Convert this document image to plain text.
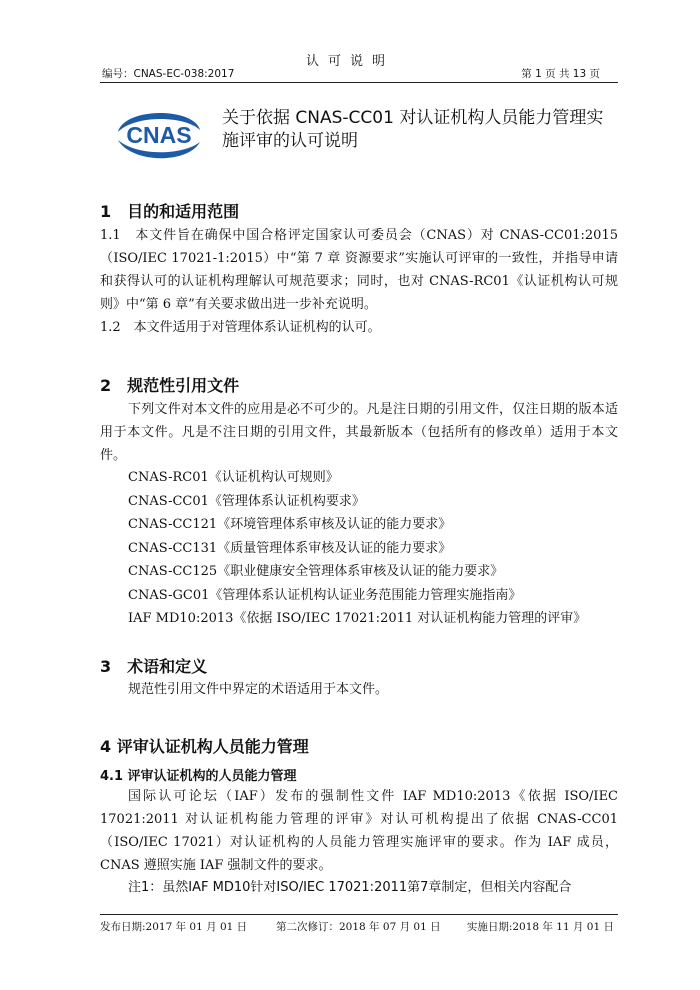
认可说明
编号：CNAS-EC-038:2017	第 1 页 共 13 页
CNAS
关于依据 CNAS-CC01 对认证机构人员能力管理实施评审的认可说明
1　目的和适用范围
1.1　本文件旨在确保中国合格评定国家认可委员会（CNAS）对 CNAS-CC01:2015（ISO/IEC 17021-1:2015）中“第 7 章 资源要求”实施认可评审的一致性，并指导申请和获得认可的认证机构理解认可规范要求；同时，也对 CNAS-RC01《认证机构认可规则》中“第 6 章”有关要求做出进一步补充说明。
1.2　本文件适用于对管理体系认证机构的认可。
2　规范性引用文件
下列文件对本文件的应用是必不可少的。凡是注日期的引用文件，仅注日期的版本适用于本文件。凡是不注日期的引用文件，其最新版本（包括所有的修改单）适用于本文件。
CNAS-RC01《认证机构认可规则》
CNAS-CC01《管理体系认证机构要求》
CNAS-CC121《环境管理体系审核及认证的能力要求》
CNAS-CC131《质量管理体系审核及认证的能力要求》
CNAS-CC125《职业健康安全管理体系审核及认证的能力要求》
CNAS-GC01《管理体系认证机构认证业务范围能力管理实施指南》
IAF MD10:2013《依据 ISO/IEC 17021:2011 对认证机构能力管理的评审》
3　术语和定义
规范性引用文件中界定的术语适用于本文件。
4 评审认证机构人员能力管理
4.1 评审认证机构的人员能力管理
国际认可论坛（IAF）发布的强制性文件 IAF MD10:2013《依据 ISO/IEC 17021:2011 对认证机构能力管理的评审》对认可机构提出了依据 CNAS-CC01（ISO/IEC 17021）对认证机构的人员能力管理实施评审的要求。作为 IAF 成员，CNAS 遵照实施 IAF 强制文件的要求。
注1：虽然IAF MD10针对ISO/IEC 17021:2011第7章制定，但相关内容配合
发布日期:2017 年 01 月 01 日	第二次修订：2018 年 07 月 01 日 实施日期:2018 年 11 月 01 日
